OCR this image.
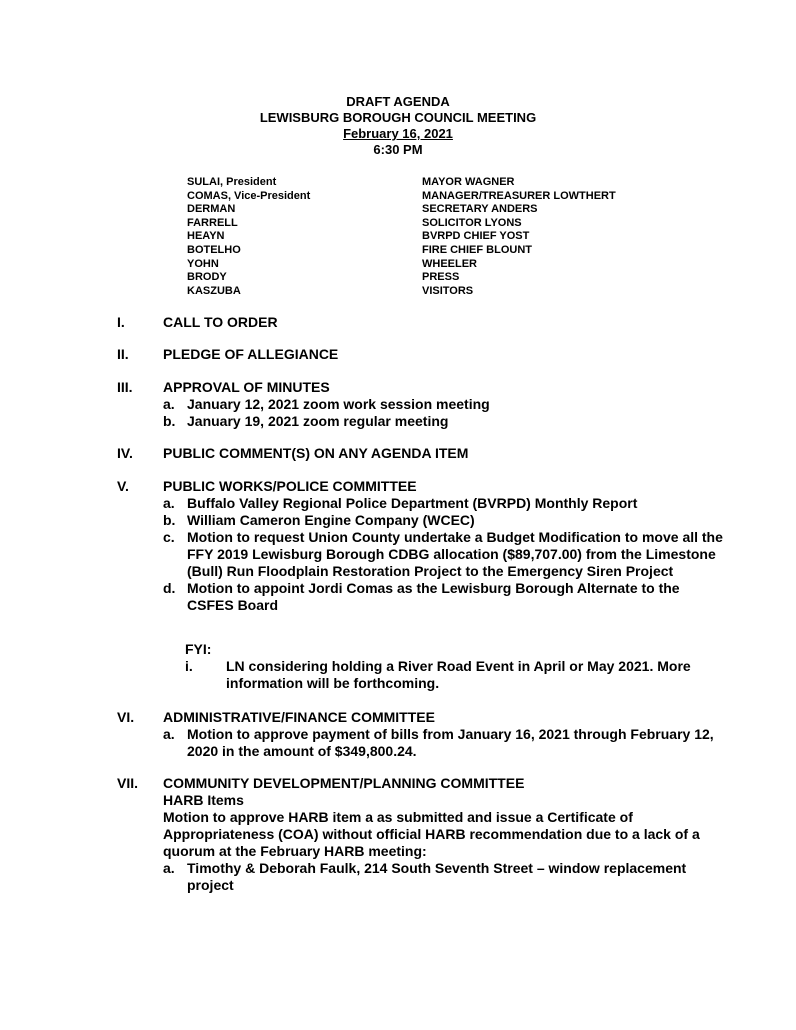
DRAFT AGENDA
LEWISBURG BOROUGH COUNCIL MEETING
February 16, 2021
6:30 PM
SULAI, President
COMAS, Vice-President
DERMAN
FARRELL
HEAYN
BOTELHO
YOHN
BRODY
KASZUBA
MAYOR WAGNER
MANAGER/TREASURER LOWTHERT
SECRETARY ANDERS
SOLICITOR LYONS
BVRPD CHIEF YOST
FIRE CHIEF BLOUNT
WHEELER
PRESS
VISITORS
I.	CALL TO ORDER
II. PLEDGE OF ALLEGIANCE
III. APPROVAL OF MINUTES
a. January 12, 2021 zoom work session meeting
b. January 19, 2021 zoom regular meeting
IV. PUBLIC COMMENT(S) ON ANY AGENDA ITEM
V. PUBLIC WORKS/POLICE COMMITTEE
a. Buffalo Valley Regional Police Department (BVRPD) Monthly Report
b. William Cameron Engine Company (WCEC)
c. Motion to request Union County undertake a Budget Modification to move all the FFY 2019 Lewisburg Borough CDBG allocation ($89,707.00) from the Limestone (Bull) Run Floodplain Restoration Project to the Emergency Siren Project
d. Motion to appoint Jordi Comas as the Lewisburg Borough Alternate to the CSFES Board
FYI:
i. LN considering holding a River Road Event in April or May 2021. More information will be forthcoming.
VI. ADMINISTRATIVE/FINANCE COMMITTEE
a. Motion to approve payment of bills from January 16, 2021 through February 12, 2020 in the amount of $349,800.24.
VII. COMMUNITY DEVELOPMENT/PLANNING COMMITTEE
HARB Items
Motion to approve HARB item a as submitted and issue a Certificate of Appropriateness (COA) without official HARB recommendation due to a lack of a quorum at the February HARB meeting:
a. Timothy & Deborah Faulk, 214 South Seventh Street – window replacement project
